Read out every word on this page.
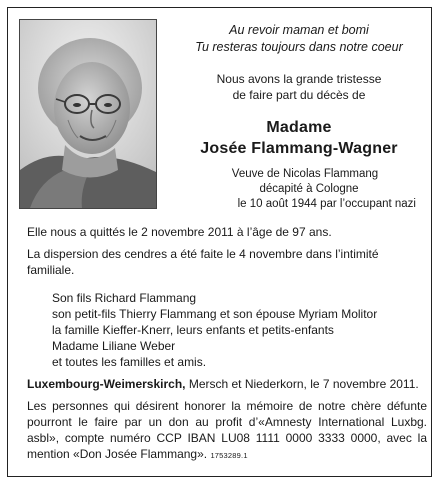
Au revoir maman et bomi

Tu resteras toujours dans notre coeur

Nous avons la grande tristesse

de faire part du décès de

Madame

Josée Flammang-Wagner

Veuve de Nicolas Flammang

décapité à Cologne

le 10 août 1944 par l’occupant nazi

Elle nous a quittés le 2 novembre 2011 à l’âge de 97 ans.

La dispersion des cendres a été faite le 4 novembre dans l’intimité familiale.

Son fils Richard Flammang
son petit-fils Thierry Flammang et son épouse Myriam Molitor
la famille Kieffer-Knerr, leurs enfants et petits-enfants
Madame Liliane Weber
et toutes les familles et amis.

Luxembourg-Weimerskirch, Mersch et Niederkorn, le 7 novembre 2011.

Les personnes qui désirent honorer la mémoire de notre chère défunte pourront le faire par un don au profit d’«Amnesty International Luxbg. asbl», compte numéro CCP IBAN LU08 1111 0000 3333 0000, avec la mention «Don Josée Flammang». 1753289.1
